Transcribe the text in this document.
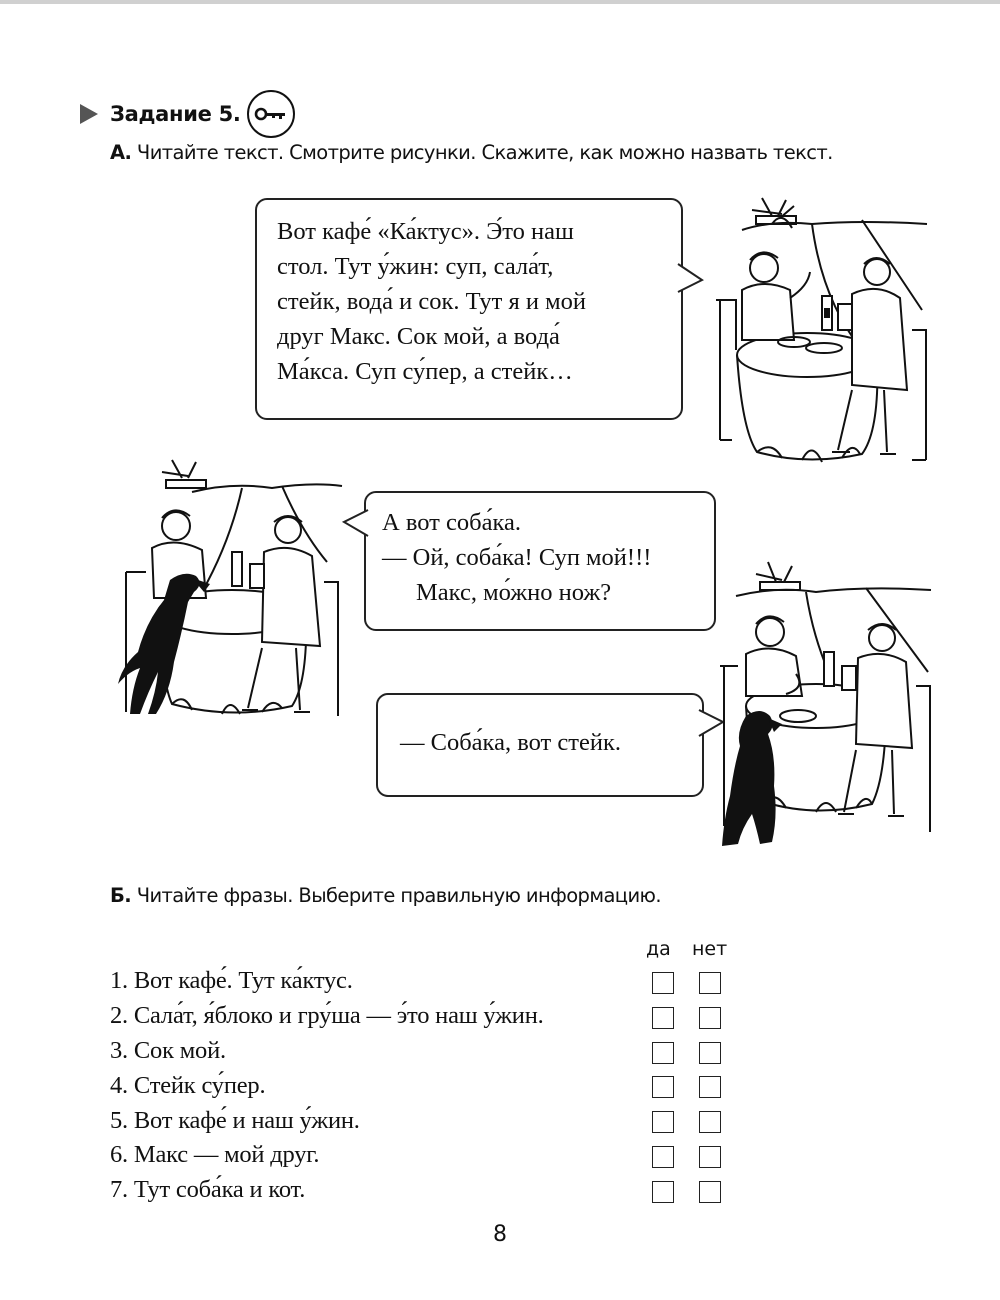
Задание 5.
А. Читайте текст. Смотрите рисунки. Скажите, как можно назвать текст.

Вот кафе́ «Ка́ктус». Э́то наш

стол. Тут у́жин: суп, сала́т,

стейк, вода́ и сок. Тут я и мой

друг Макс. Сок мой, а вода́

Ма́кса. Суп су́пер, а стейк…

А вот соба́ка.

— Ой, соба́ка! Суп мой!!!

Макс, мо́жно нож?

— Соба́ка, вот стейк.

Б. Читайте фразы. Выберите правильную информацию.
да нет
1. Вот кафе́. Тут ка́ктус.
2. Сала́т, я́блоко и гру́ша — э́то наш у́жин.
3. Сок мой.
4. Стейк су́пер.
5. Вот кафе́ и наш у́жин.
6. Макс — мой друг.
7. Тут соба́ка и кот.
8
